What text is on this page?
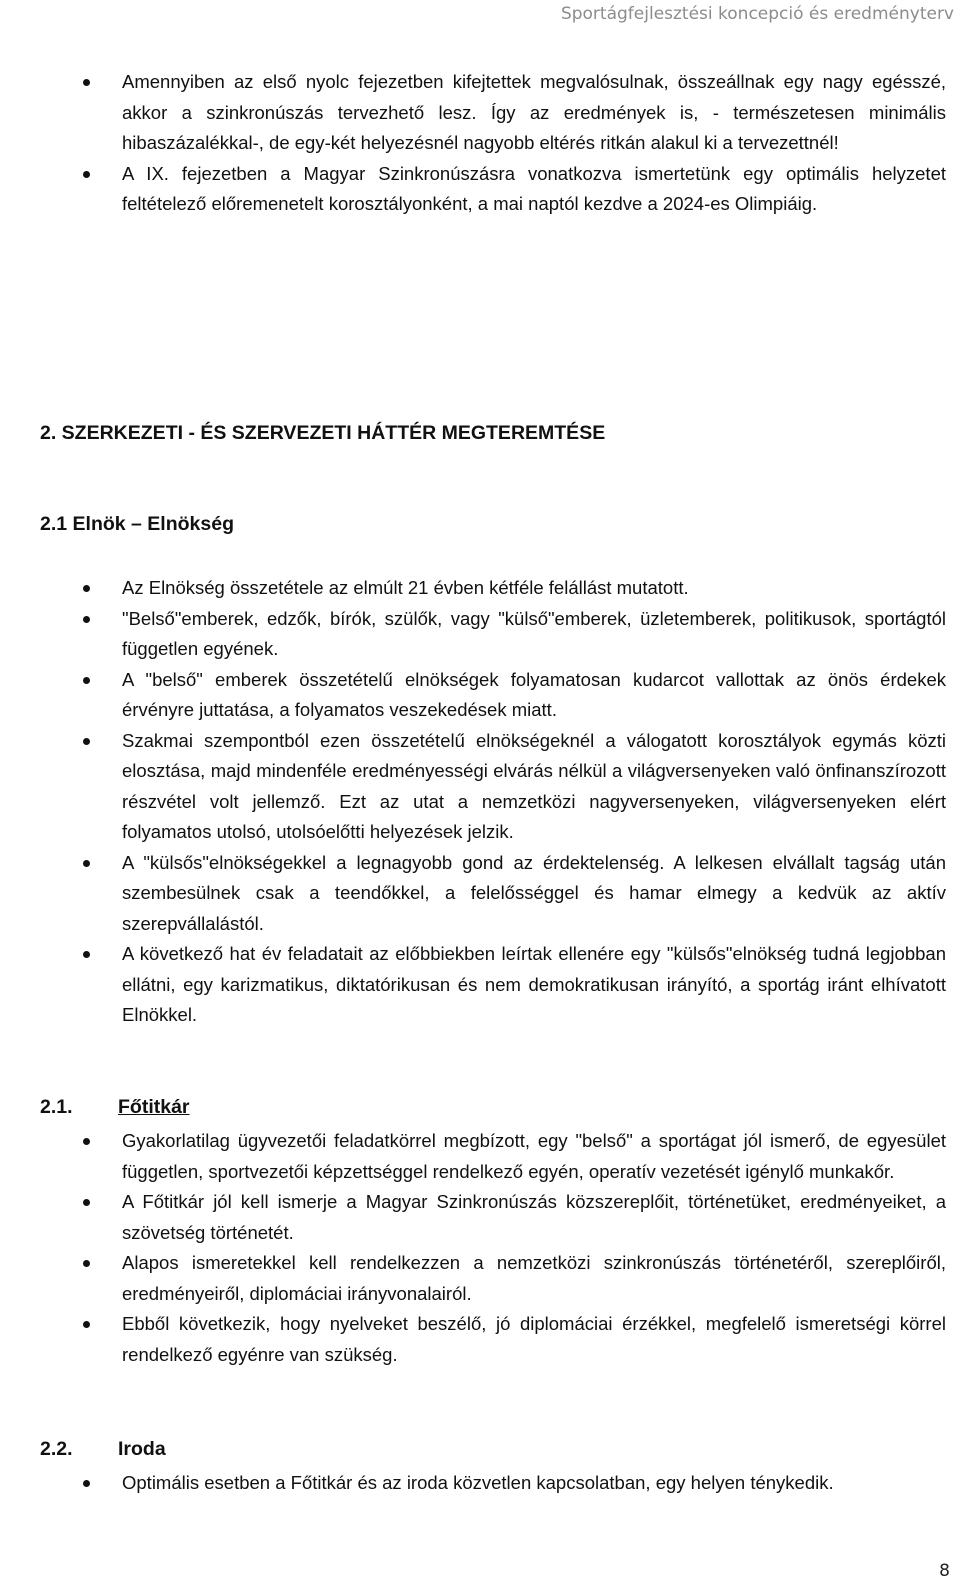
Sportágfejlesztési koncepció és eredményterv
Amennyiben az első nyolc fejezetben kifejtettek megvalósulnak, összeállnak egy nagy egésszé, akkor a szinkronúszás tervezhető lesz. Így az eredmények is, - természetesen minimális hibaszázalékkal-, de egy-két helyezésnél nagyobb eltérés ritkán alakul ki a tervezettnél!
A IX. fejezetben a Magyar Szinkronúszásra vonatkozva ismertetünk egy optimális helyzetet feltételező előremenetelt korosztályonként, a mai naptól kezdve a 2024-es Olimpiáig.
2. SZERKEZETI - ÉS SZERVEZETI HÁTTÉR MEGTEREMTÉSE
2.1 Elnök – Elnökség
Az Elnökség összetétele az elmúlt 21 évben kétféle felállást mutatott.
"Belső"emberek, edzők, bírók, szülők, vagy "külső"emberek, üzletemberek, politikusok, sportágtól független egyének.
A "belső" emberek összetételű elnökségek folyamatosan kudarcot vallottak az önös érdekek érvényre juttatása, a folyamatos veszekedések miatt.
Szakmai szempontból ezen összetételű elnökségeknél a válogatott korosztályok egymás közti elosztása, majd mindenféle eredményességi elvárás nélkül a világversenyeken való önfinanszírozott részvétel volt jellemző. Ezt az utat a nemzetközi nagyversenyeken, világversenyeken elért folyamatos utolsó, utolsóelőtti helyezések jelzik.
A "külsős"elnökségekkel a legnagyobb gond az érdektelenség. A lelkesen elvállalt tagság után szembesülnek csak a teendőkkel, a felelősséggel és hamar elmegy a kedvük az aktív szerepvállalástól.
A következő hat év feladatait az előbbiekben leírtak ellenére egy "külsős"elnökség tudná legjobban ellátni, egy karizmatikus, diktatórikusan és nem demokratikusan irányító, a sportág iránt elhívatott Elnökkel.
2.1. Főtitkár
Gyakorlatilag ügyvezetői feladatkörrel megbízott, egy "belső" a sportágat jól ismerő, de egyesület független, sportvezetői képzettséggel rendelkező egyén, operatív vezetését igénylő munkakőr.
A Főtitkár jól kell ismerje a Magyar Szinkronúszás közszereplőit, történetüket, eredményeiket, a szövetség történetét.
Alapos ismeretekkel kell rendelkezzen a nemzetközi szinkronúszás történetéről, szereplőiről, eredményeiről, diplomáciai irányvonalairól.
Ebből következik, hogy nyelveket beszélő, jó diplomáciai érzékkel, megfelelő ismeretségi körrel rendelkező egyénre van szükség.
2.2. Iroda
Optimális esetben a Főtitkár és az iroda közvetlen kapcsolatban, egy helyen ténykedik.
8
